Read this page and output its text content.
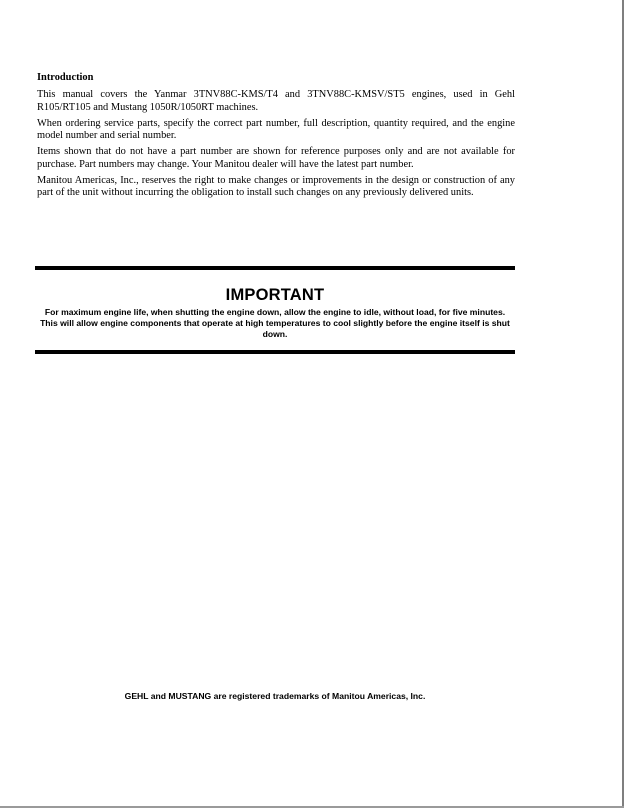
Introduction

This manual covers the Yanmar 3TNV88C-KMS/T4 and 3TNV88C-KMSV/ST5 engines, used in Gehl R105/RT105 and Mustang 1050R/1050RT machines.

When ordering service parts, specify the correct part number, full description, quantity required, and the engine model number and serial number.

Items shown that do not have a part number are shown for reference purposes only and are not available for purchase. Part numbers may change. Your Manitou dealer will have the latest part number.

Manitou Americas, Inc., reserves the right to make changes or improvements in the design or construction of any part of the unit without incurring the obligation to install such changes on any previously delivered units.

IMPORTANT
For maximum engine life, when shutting the engine down, allow the engine to idle, without load, for five minutes. This will allow engine components that operate at high temperatures to cool slightly before the engine itself is shut down.
GEHL and MUSTANG are registered trademarks of Manitou Americas, Inc.
